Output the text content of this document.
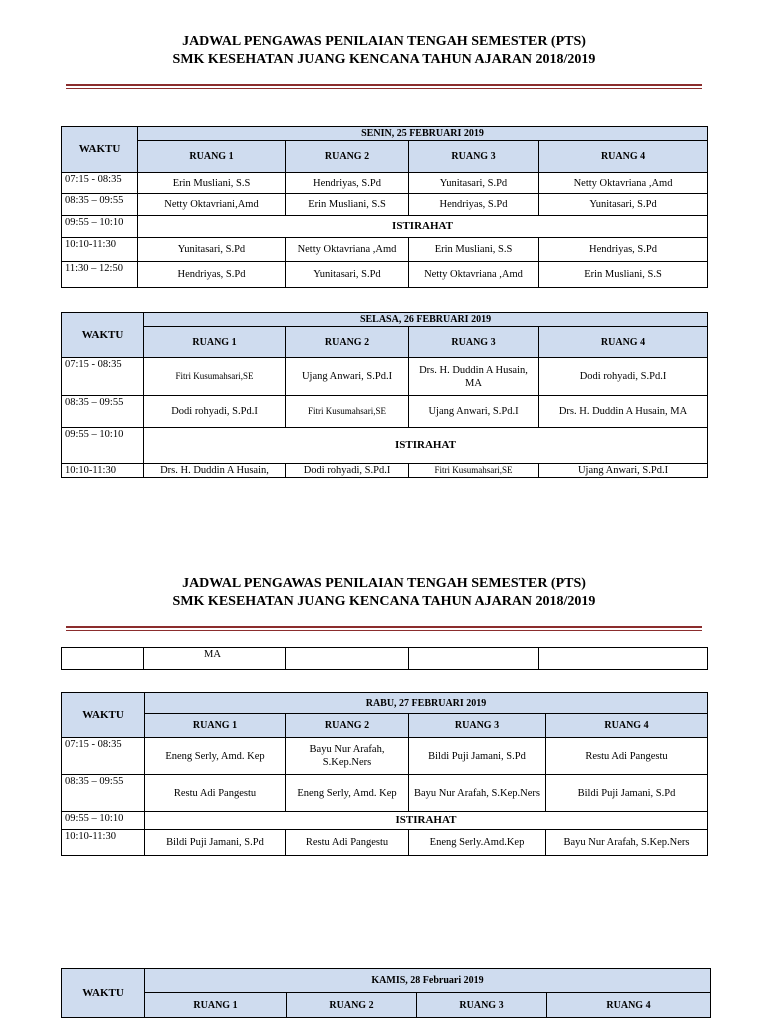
JADWAL PENGAWAS PENILAIAN TENGAH SEMESTER (PTS)
SMK KESEHATAN JUANG KENCANA TAHUN AJARAN 2018/2019
WAKTU	SENIN, 25 FEBRUARI 2019			
	RUANG 1	RUANG 2	RUANG 3	RUANG 4
07:15 - 08:35	Erin Musliani, S.S	Hendriyas, S.Pd	Yunitasari, S.Pd	Netty Oktavriana ,Amd
08:35 – 09:55	Netty Oktavriani,Amd	Erin Musliani, S.S	Hendriyas, S.Pd	Yunitasari, S.Pd
09:55 – 10:10	ISTIRAHAT			
10:10-11:30	Yunitasari, S.Pd	Netty Oktavriana ,Amd	Erin Musliani, S.S	Hendriyas, S.Pd
11:30 – 12:50	Hendriyas, S.Pd	Yunitasari, S.Pd	Netty Oktavriana ,Amd	Erin Musliani, S.S
WAKTU	SELASA, 26 FEBRUARI 2019			
	RUANG 1	RUANG 2	RUANG 3	RUANG 4
07:15 - 08:35	Fitri Kusumahsari,SE	Ujang Anwari, S.Pd.I	Drs. H. Duddin A Husain, MA	Dodi rohyadi, S.Pd.I
08:35 – 09:55	Dodi rohyadi, S.Pd.I	Fitri Kusumahsari,SE	Ujang Anwari, S.Pd.I	Drs. H. Duddin A Husain, MA
09:55 – 10:10	ISTIRAHAT			
10:10-11:30	Drs. H. Duddin A Husain,	Dodi rohyadi, S.Pd.I	Fitri Kusumahsari,SE	Ujang Anwari, S.Pd.I
JADWAL PENGAWAS PENILAIAN TENGAH SEMESTER (PTS)
SMK KESEHATAN JUANG KENCANA TAHUN AJARAN 2018/2019
	MA			
WAKTU	RABU, 27 FEBRUARI 2019			
	RUANG 1	RUANG 2	RUANG 3	RUANG 4
07:15 - 08:35	Eneng Serly, Amd. Kep	Bayu Nur Arafah, S.Kep.Ners	Bildi Puji Jamani, S.Pd	Restu Adi Pangestu
08:35 – 09:55	Restu Adi Pangestu	Eneng Serly, Amd. Kep	Bayu Nur Arafah, S.Kep.Ners	Bildi Puji Jamani, S.Pd
09:55 – 10:10	ISTIRAHAT			
10:10-11:30	Bildi Puji Jamani, S.Pd	Restu Adi Pangestu	Eneng Serly.Amd.Kep	Bayu Nur Arafah, S.Kep.Ners
WAKTU	KAMIS, 28 Februari 2019			
	RUANG 1	RUANG 2	RUANG 3	RUANG 4
